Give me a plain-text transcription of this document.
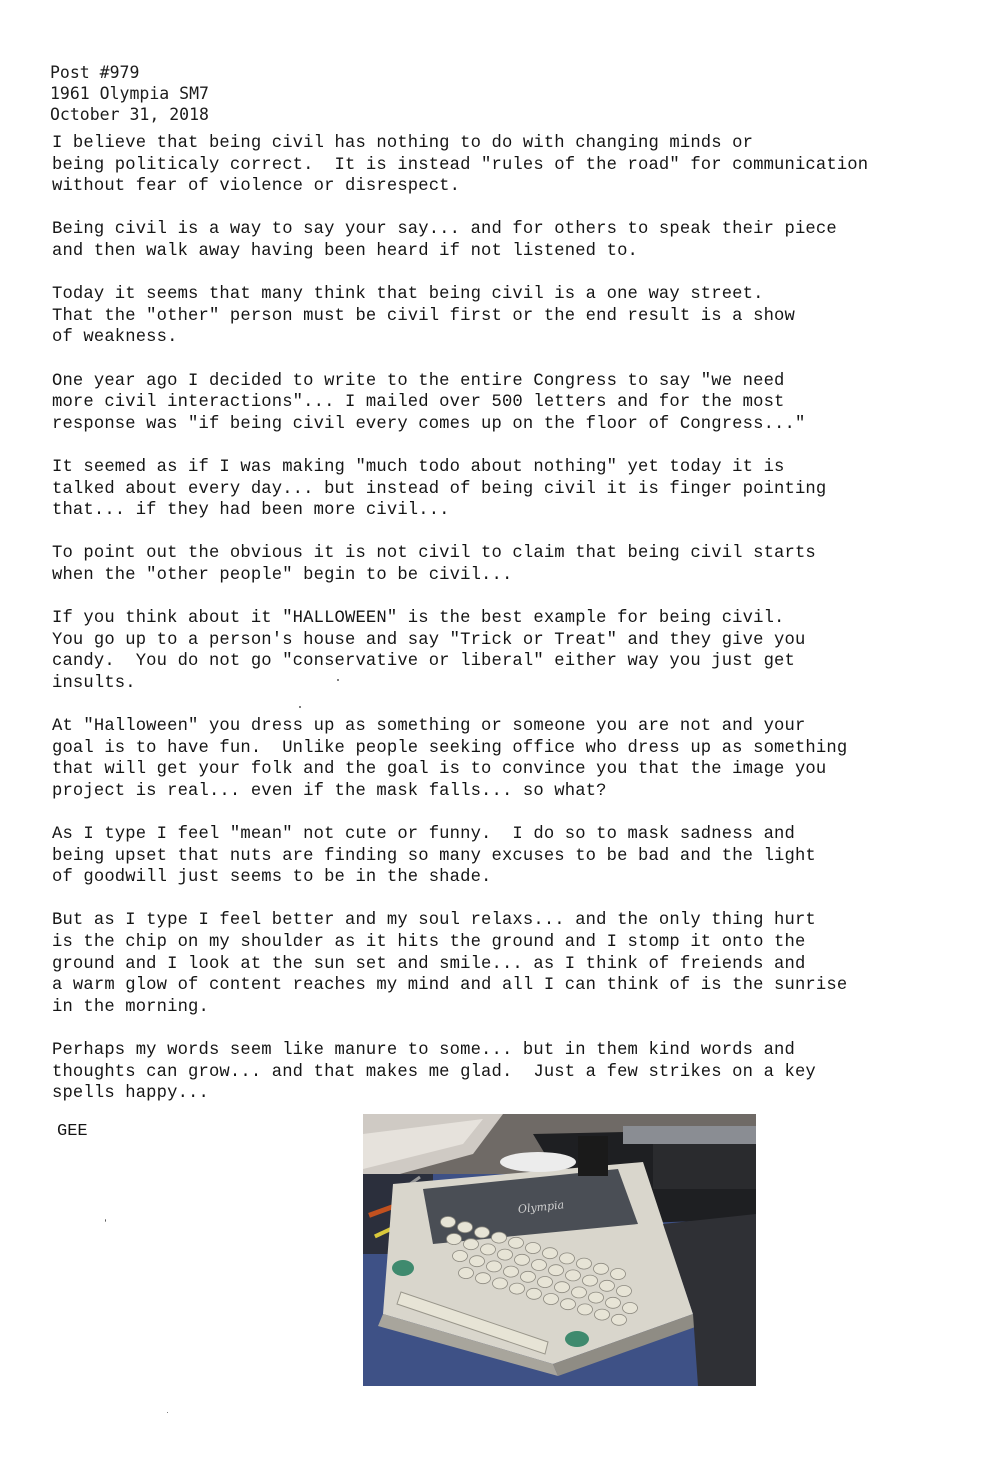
Post #979
1961 Olympia SM7
October 31, 2018
I believe that being civil has nothing to do with changing minds or
being politicaly correct.  It is instead "rules of the road" for communication
without fear of violence or disrespect.
Being civil is a way to say your say... and for others to speak their piece
and then walk away having been heard if not listened to.
Today it seems that many think that being civil is a one way street.
That the "other" person must be civil first or the end result is a show
of weakness.
One year ago I decided to write to the entire Congress to say "we need
more civil interactions"... I mailed over 500 letters and for the most
response was "if being civil every comes up on the floor of Congress..."
It seemed as if I was making "much todo about nothing" yet today it is
talked about every day... but instead of being civil it is finger pointing
that... if they had been more civil...
To point out the obvious it is not civil to claim that being civil starts
when the "other people" begin to be civil...
If you think about it "HALLOWEEN" is the best example for being civil.
You go up to a person's house and say "Trick or Treat" and they give you
candy.  You do not go "conservative or liberal" either way you just get
insults.
At "Halloween" you dress up as something or someone you are not and your
goal is to have fun.  Unlike people seeking office who dress up as something
that will get your folk and the goal is to convince you that the image you
project is real... even if the mask falls... so what?
As I type I feel "mean" not cute or funny.  I do so to mask sadness and
being upset that nuts are finding so many excuses to be bad and the light
of goodwill just seems to be in the shade.
But as I type I feel better and my soul relaxs... and the only thing hurt
is the chip on my shoulder as it hits the ground and I stomp it onto the
ground and I look at the sun set and smile... as I think of freiends and
a warm glow of content reaches my mind and all I can think of is the sunrise
in the morning.
Perhaps my words seem like manure to some... but in them kind words and
thoughts can grow... and that makes me glad.  Just a few strikes on a key
spells happy...
GEE
Olympia
